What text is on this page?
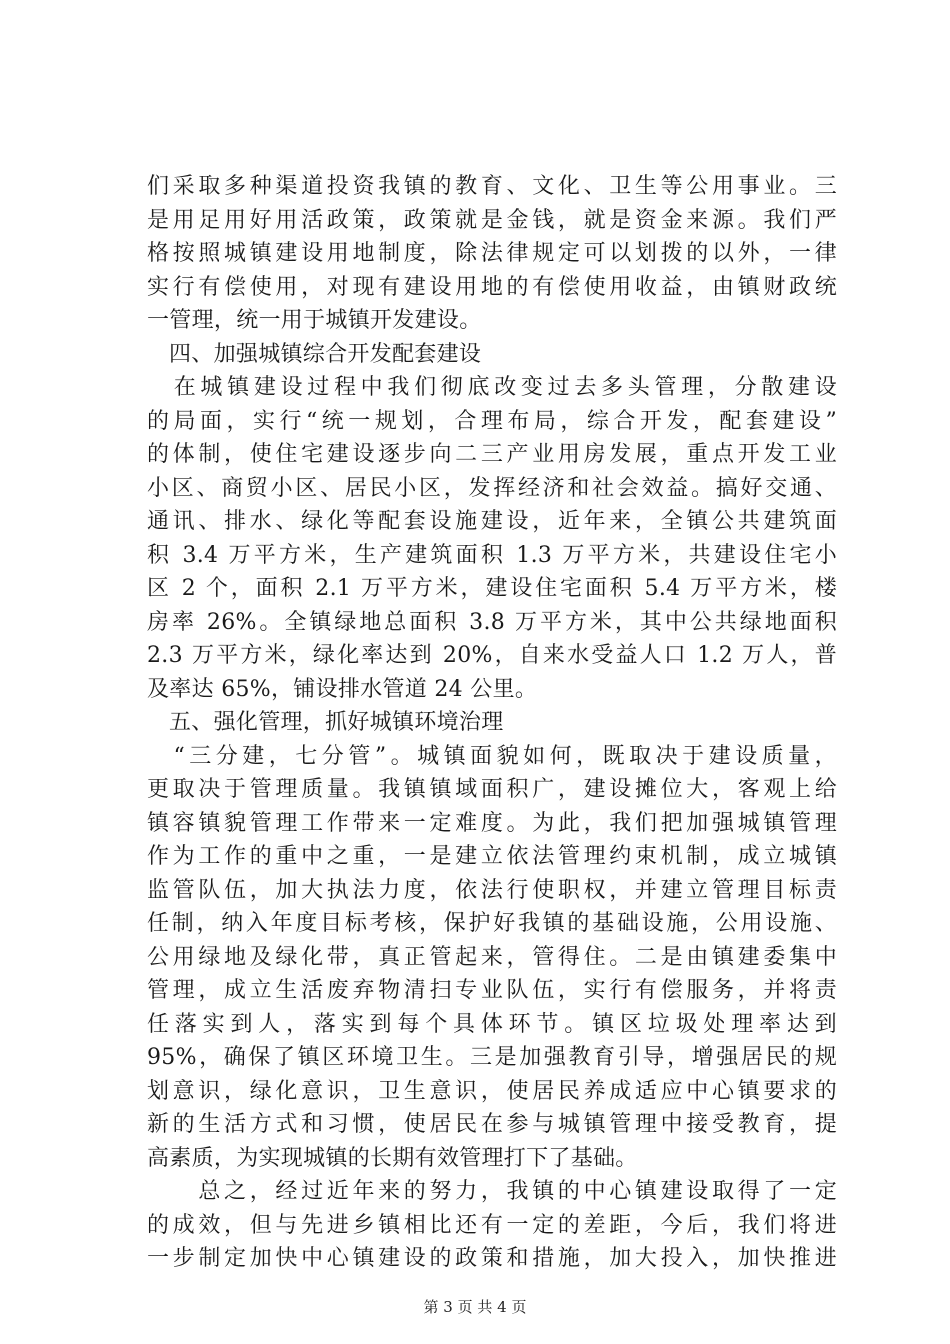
们采取多种渠道投资我镇的教育、文化、卫生等公用事业。三
是用足用好用活政策，政策就是金钱，就是资金来源。我们严
格按照城镇建设用地制度，除法律规定可以划拨的以外，一律
实行有偿使用，对现有建设用地的有偿使用收益，由镇财政统
一管理，统一用于城镇开发建设。
四、加强城镇综合开发配套建设
　在城镇建设过程中我们彻底改变过去多头管理，分散建设
的局面，实行“统一规划，合理布局，综合开发，配套建设”
的体制，使住宅建设逐步向二三产业用房发展，重点开发工业
小区、商贸小区、居民小区，发挥经济和社会效益。搞好交通、
通讯、排水、绿化等配套设施建设，近年来，全镇公共建筑面
积 3.4 万平方米，生产建筑面积 1.3 万平方米，共建设住宅小
区 2 个，面积 2.1 万平方米，建设住宅面积 5.4 万平方米，楼
房率 26%。全镇绿地总面积 3.8 万平方米，其中公共绿地面积
2.3 万平方米，绿化率达到 20%，自来水受益人口 1.2 万人，普
及率达 65%，铺设排水管道 24 公里。
五、强化管理，抓好城镇环境治理
　“三分建，七分管”。城镇面貌如何，既取决于建设质量，
更取决于管理质量。我镇镇域面积广，建设摊位大，客观上给
镇容镇貌管理工作带来一定难度。为此，我们把加强城镇管理
作为工作的重中之重，一是建立依法管理约束机制，成立城镇
监管队伍，加大执法力度，依法行使职权，并建立管理目标责
任制，纳入年度目标考核，保护好我镇的基础设施，公用设施、
公用绿地及绿化带，真正管起来，管得住。二是由镇建委集中
管理，成立生活废弃物清扫专业队伍，实行有偿服务，并将责
任落实到人，落实到每个具体环节。镇区垃圾处理率达到
95%，确保了镇区环境卫生。三是加强教育引导，增强居民的规
划意识，绿化意识，卫生意识，使居民养成适应中心镇要求的
新的生活方式和习惯，使居民在参与城镇管理中接受教育，提
高素质，为实现城镇的长期有效管理打下了基础。
　　总之，经过近年来的努力，我镇的中心镇建设取得了一定
的成效，但与先进乡镇相比还有一定的差距，今后，我们将进
一步制定加快中心镇建设的政策和措施，加大投入，加快推进
第 3 页 共 4 页
